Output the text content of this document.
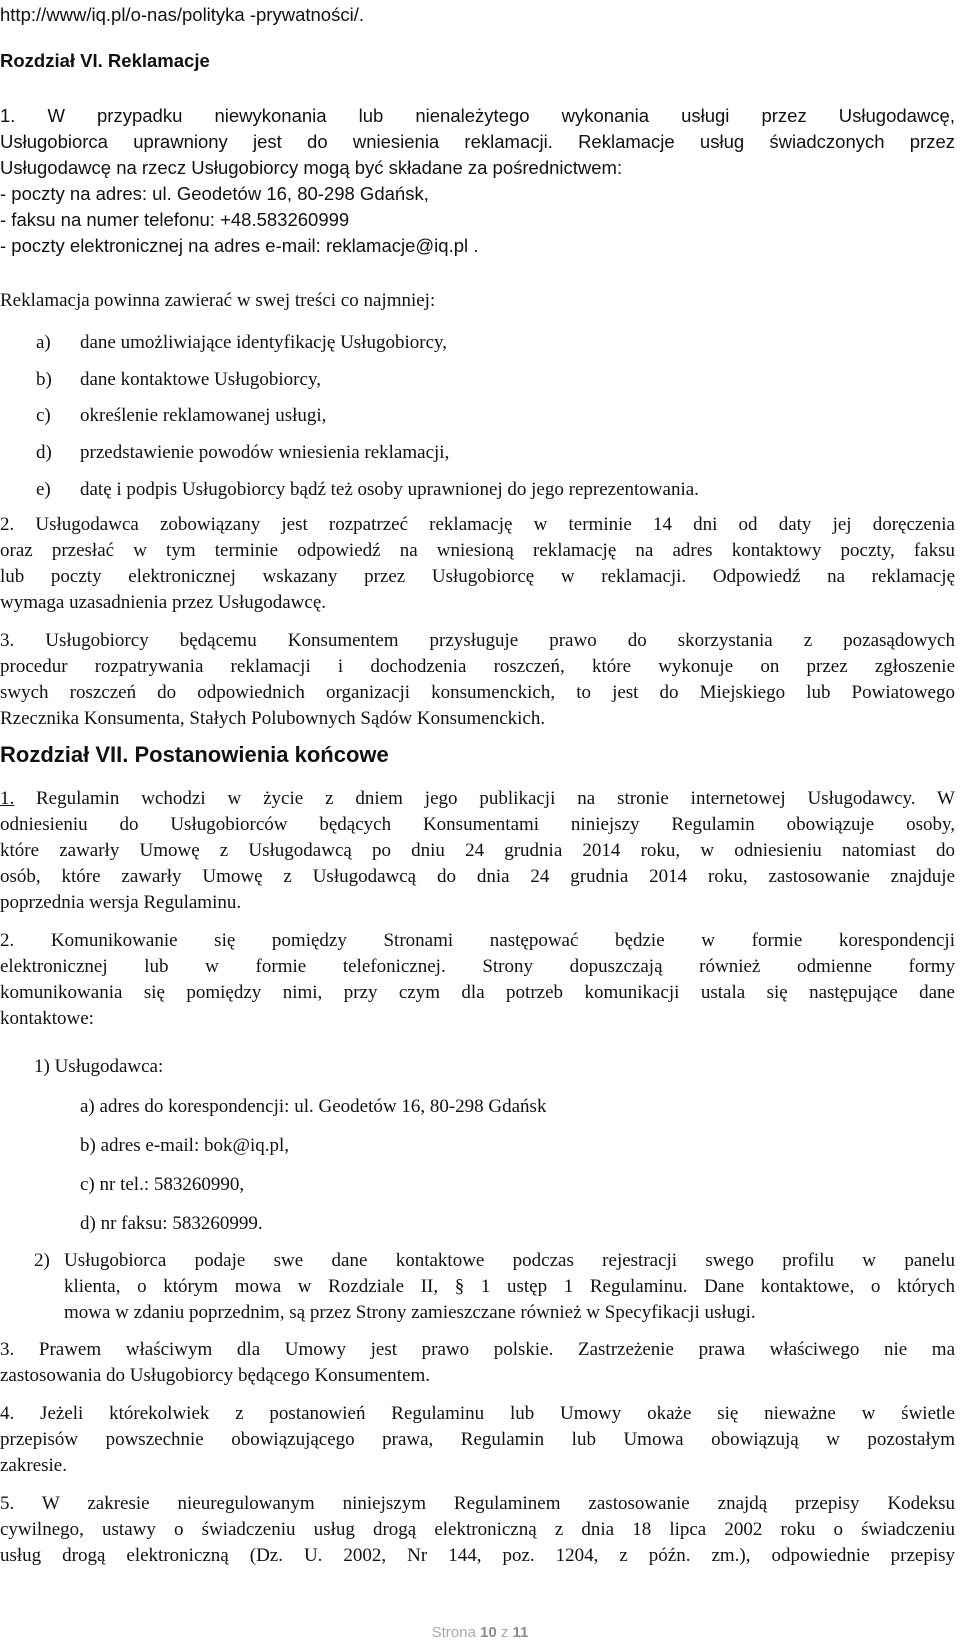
http://www/iq.pl/o-nas/polityka -prywatności/.
Rozdział VI. Reklamacje
1. W przypadku niewykonania lub nienależytego wykonania usługi przez Usługodawcę,
Usługobiorca uprawniony jest do wniesienia reklamacji. Reklamacje usług świadczonych przez
Usługodawcę na rzecz Usługobiorcy mogą być składane za pośrednictwem:
- poczty na adres: ul. Geodetów 16, 80-298 Gdańsk,
- faksu na numer telefonu: +48.583260999
- poczty elektronicznej na adres e-mail: reklamacje@iq.pl .
Reklamacja powinna zawierać w swej treści co najmniej:
a) dane umożliwiające identyfikację Usługobiorcy,
b) dane kontaktowe Usługobiorcy,
c) określenie reklamowanej usługi,
d) przedstawienie powodów wniesienia reklamacji,
e) datę i podpis Usługobiorcy bądź też osoby uprawnionej do jego reprezentowania.
2. Usługodawca zobowiązany jest rozpatrzeć reklamację w terminie 14 dni od daty jej doręczenia
oraz przesłać w tym terminie odpowiedź na wniesioną reklamację na adres kontaktowy poczty, faksu
lub poczty elektronicznej wskazany przez Usługobiorcę w reklamacji. Odpowiedź na reklamację
wymaga uzasadnienia przez Usługodawcę.
3. Usługobiorcy będącemu Konsumentem przysługuje prawo do skorzystania z pozasądowych
procedur rozpatrywania reklamacji i dochodzenia roszczeń, które wykonuje on przez zgłoszenie
swych roszczeń do odpowiednich organizacji konsumenckich, to jest do Miejskiego lub Powiatowego
Rzecznika Konsumenta, Stałych Polubownych Sądów Konsumenckich.
Rozdział VII. Postanowienia końcowe
1.	Regulamin wchodzi w życie z dniem jego publikacji na stronie internetowej Usługodawcy. W
odniesieniu do Usługobiorców będących Konsumentami niniejszy Regulamin obowiązuje osoby,
które zawarły Umowę z Usługodawcą po dniu 24 grudnia 2014 roku, w odniesieniu natomiast do
osób, które zawarły Umowę z Usługodawcą do dnia 24 grudnia 2014 roku, zastosowanie znajduje
poprzednia wersja Regulaminu.
2. Komunikowanie się pomiędzy Stronami następować będzie w formie korespondencji
elektronicznej lub w formie telefonicznej. Strony dopuszczają również odmienne formy
komunikowania się pomiędzy nimi, przy czym dla potrzeb komunikacji ustala się następujące dane
kontaktowe:
1) Usługodawca:
a) adres do korespondencji: ul. Geodetów 16, 80-298 Gdańsk
b) adres e-mail: bok@iq.pl,
c) nr tel.: 583260990,
d) nr faksu: 583260999.
2) Usługobiorca podaje swe dane kontaktowe podczas rejestracji swego profilu w panelu
klienta, o którym mowa w Rozdziale II, § 1 ustęp 1 Regulaminu. Dane kontaktowe, o których
mowa w zdaniu poprzednim, są przez Strony zamieszczane również w Specyfikacji usługi.
3. Prawem właściwym dla Umowy jest prawo polskie. Zastrzeżenie prawa właściwego nie ma
zastosowania do Usługobiorcy będącego Konsumentem.
4. Jeżeli którekolwiek z postanowień Regulaminu lub Umowy okaże się nieważne w świetle
przepisów powszechnie obowiązującego prawa, Regulamin lub Umowa obowiązują w pozostałym
zakresie.
5. W zakresie nieuregulowanym niniejszym Regulaminem zastosowanie znajdą przepisy Kodeksu
cywilnego, ustawy o świadczeniu usług drogą elektroniczną z dnia 18 lipca 2002 roku o świadczeniu
usług drogą elektroniczną (Dz. U. 2002, Nr 144, poz. 1204, z późn. zm.), odpowiednie przepisy
Strona 10 z 11
